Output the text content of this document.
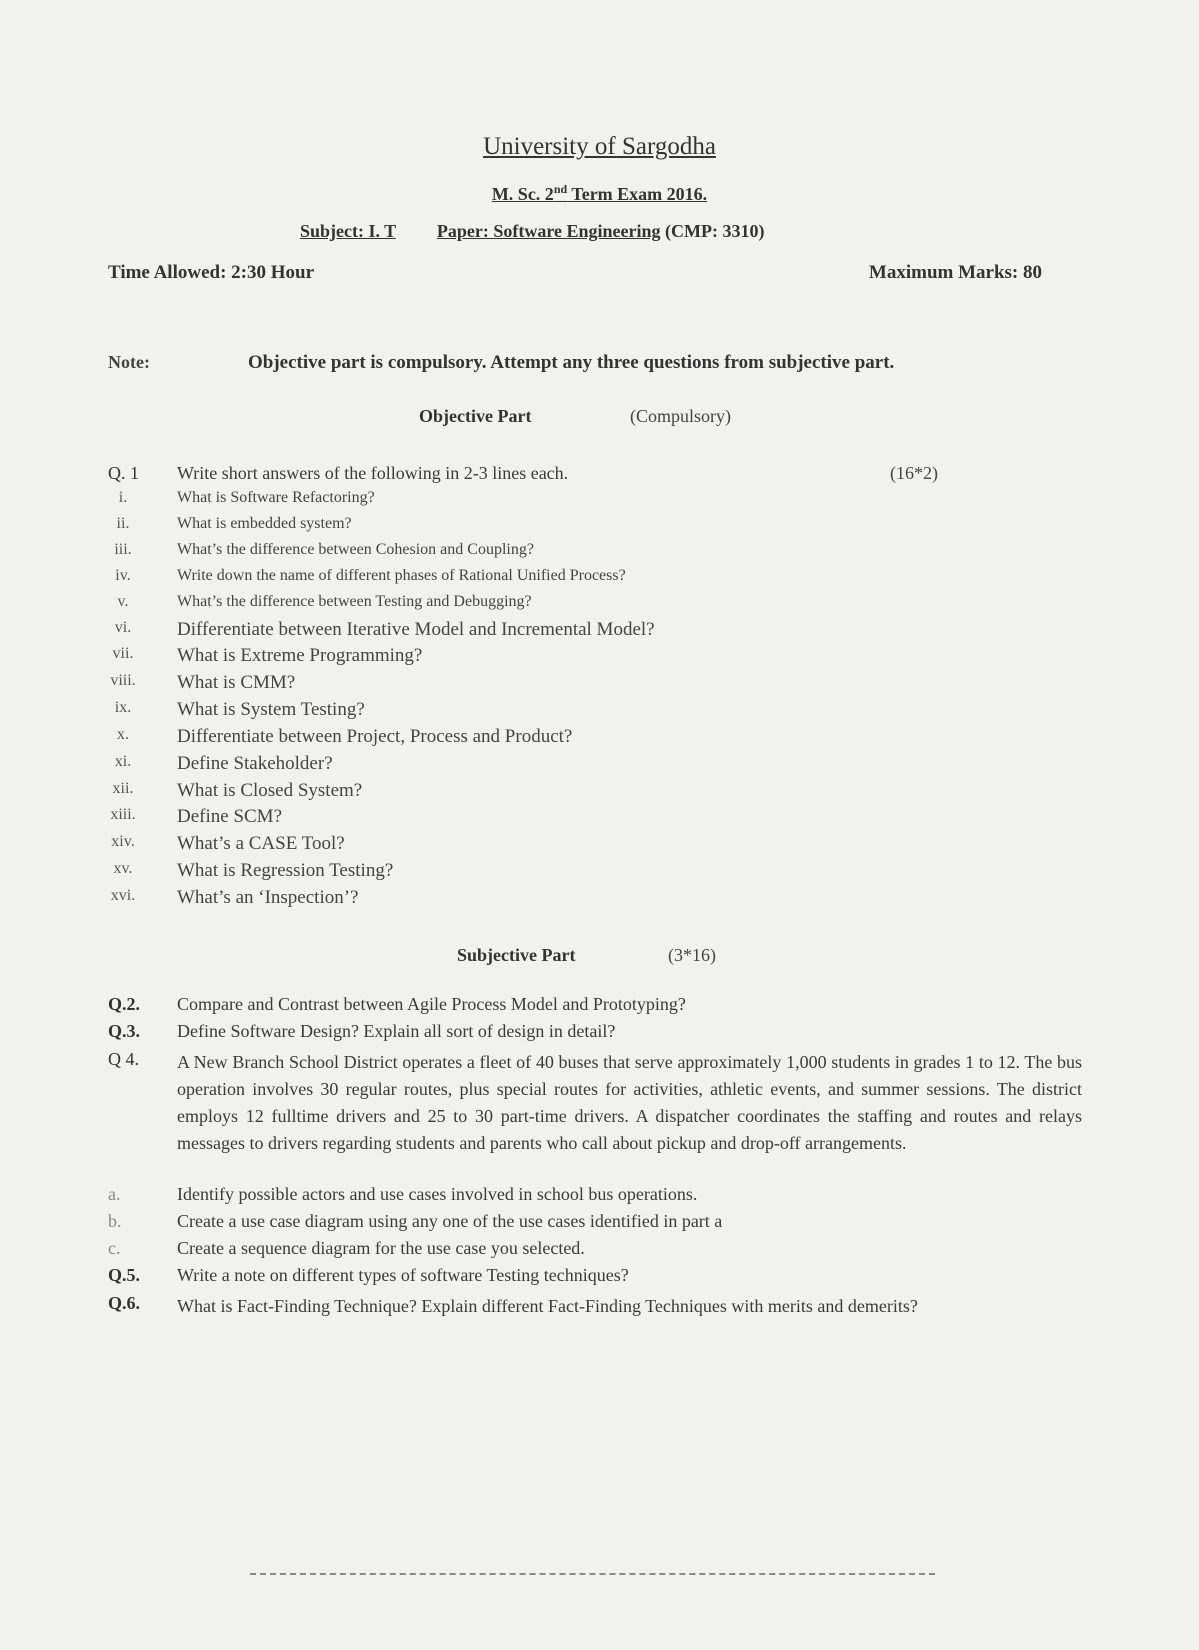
University of Sargodha
M. Sc. 2nd Term Exam 2016.
Subject: I. T Paper: Software Engineering (CMP: 3310)
Time Allowed: 2:30 Hour	Maximum Marks: 80
Note:	Objective part is compulsory. Attempt any three questions from subjective part.
Objective Part	(Compulsory)
Q. 1 Write short answers of the following in 2-3 lines each.	(16*2)
i.	What is Software Refactoring?
ii.	What is embedded system?
iii.	What’s the difference between Cohesion and Coupling?
iv.	Write down the name of different phases of Rational Unified Process?
v.	What’s the difference between Testing and Debugging?
vi.	Differentiate between Iterative Model and Incremental Model?
vii.	What is Extreme Programming?
viii.	What is CMM?
ix.	What is System Testing?
x.	Differentiate between Project, Process and Product?
xi.	Define Stakeholder?
xii.	What is Closed System?
xiii.	Define SCM?
xiv.	What’s a CASE Tool?
xv.	What is Regression Testing?
xvi.	What’s an ‘Inspection’?
Subjective Part	(3*16)
Q.2. Compare and Contrast between Agile Process Model and Prototyping?
Q.3. Define Software Design? Explain all sort of design in detail?
Q 4. A New Branch School District operates a fleet of 40 buses that serve approximately 1,000 students in grades 1 to 12. The bus operation involves 30 regular routes, plus special routes for activities, athletic events, and summer sessions. The district employs 12 fulltime drivers and 25 to 30 part-time drivers. A dispatcher coordinates the staffing and routes and relays messages to drivers regarding students and parents who call about pickup and drop-off arrangements.
a.	Identify possible actors and use cases involved in school bus operations.
b.	Create a use case diagram using any one of the use cases identified in part a
c.	Create a sequence diagram for the use case you selected.
Q.5. Write a note on different types of software Testing techniques?
Q.6. What is Fact-Finding Technique? Explain different Fact-Finding Techniques with merits and demerits?
